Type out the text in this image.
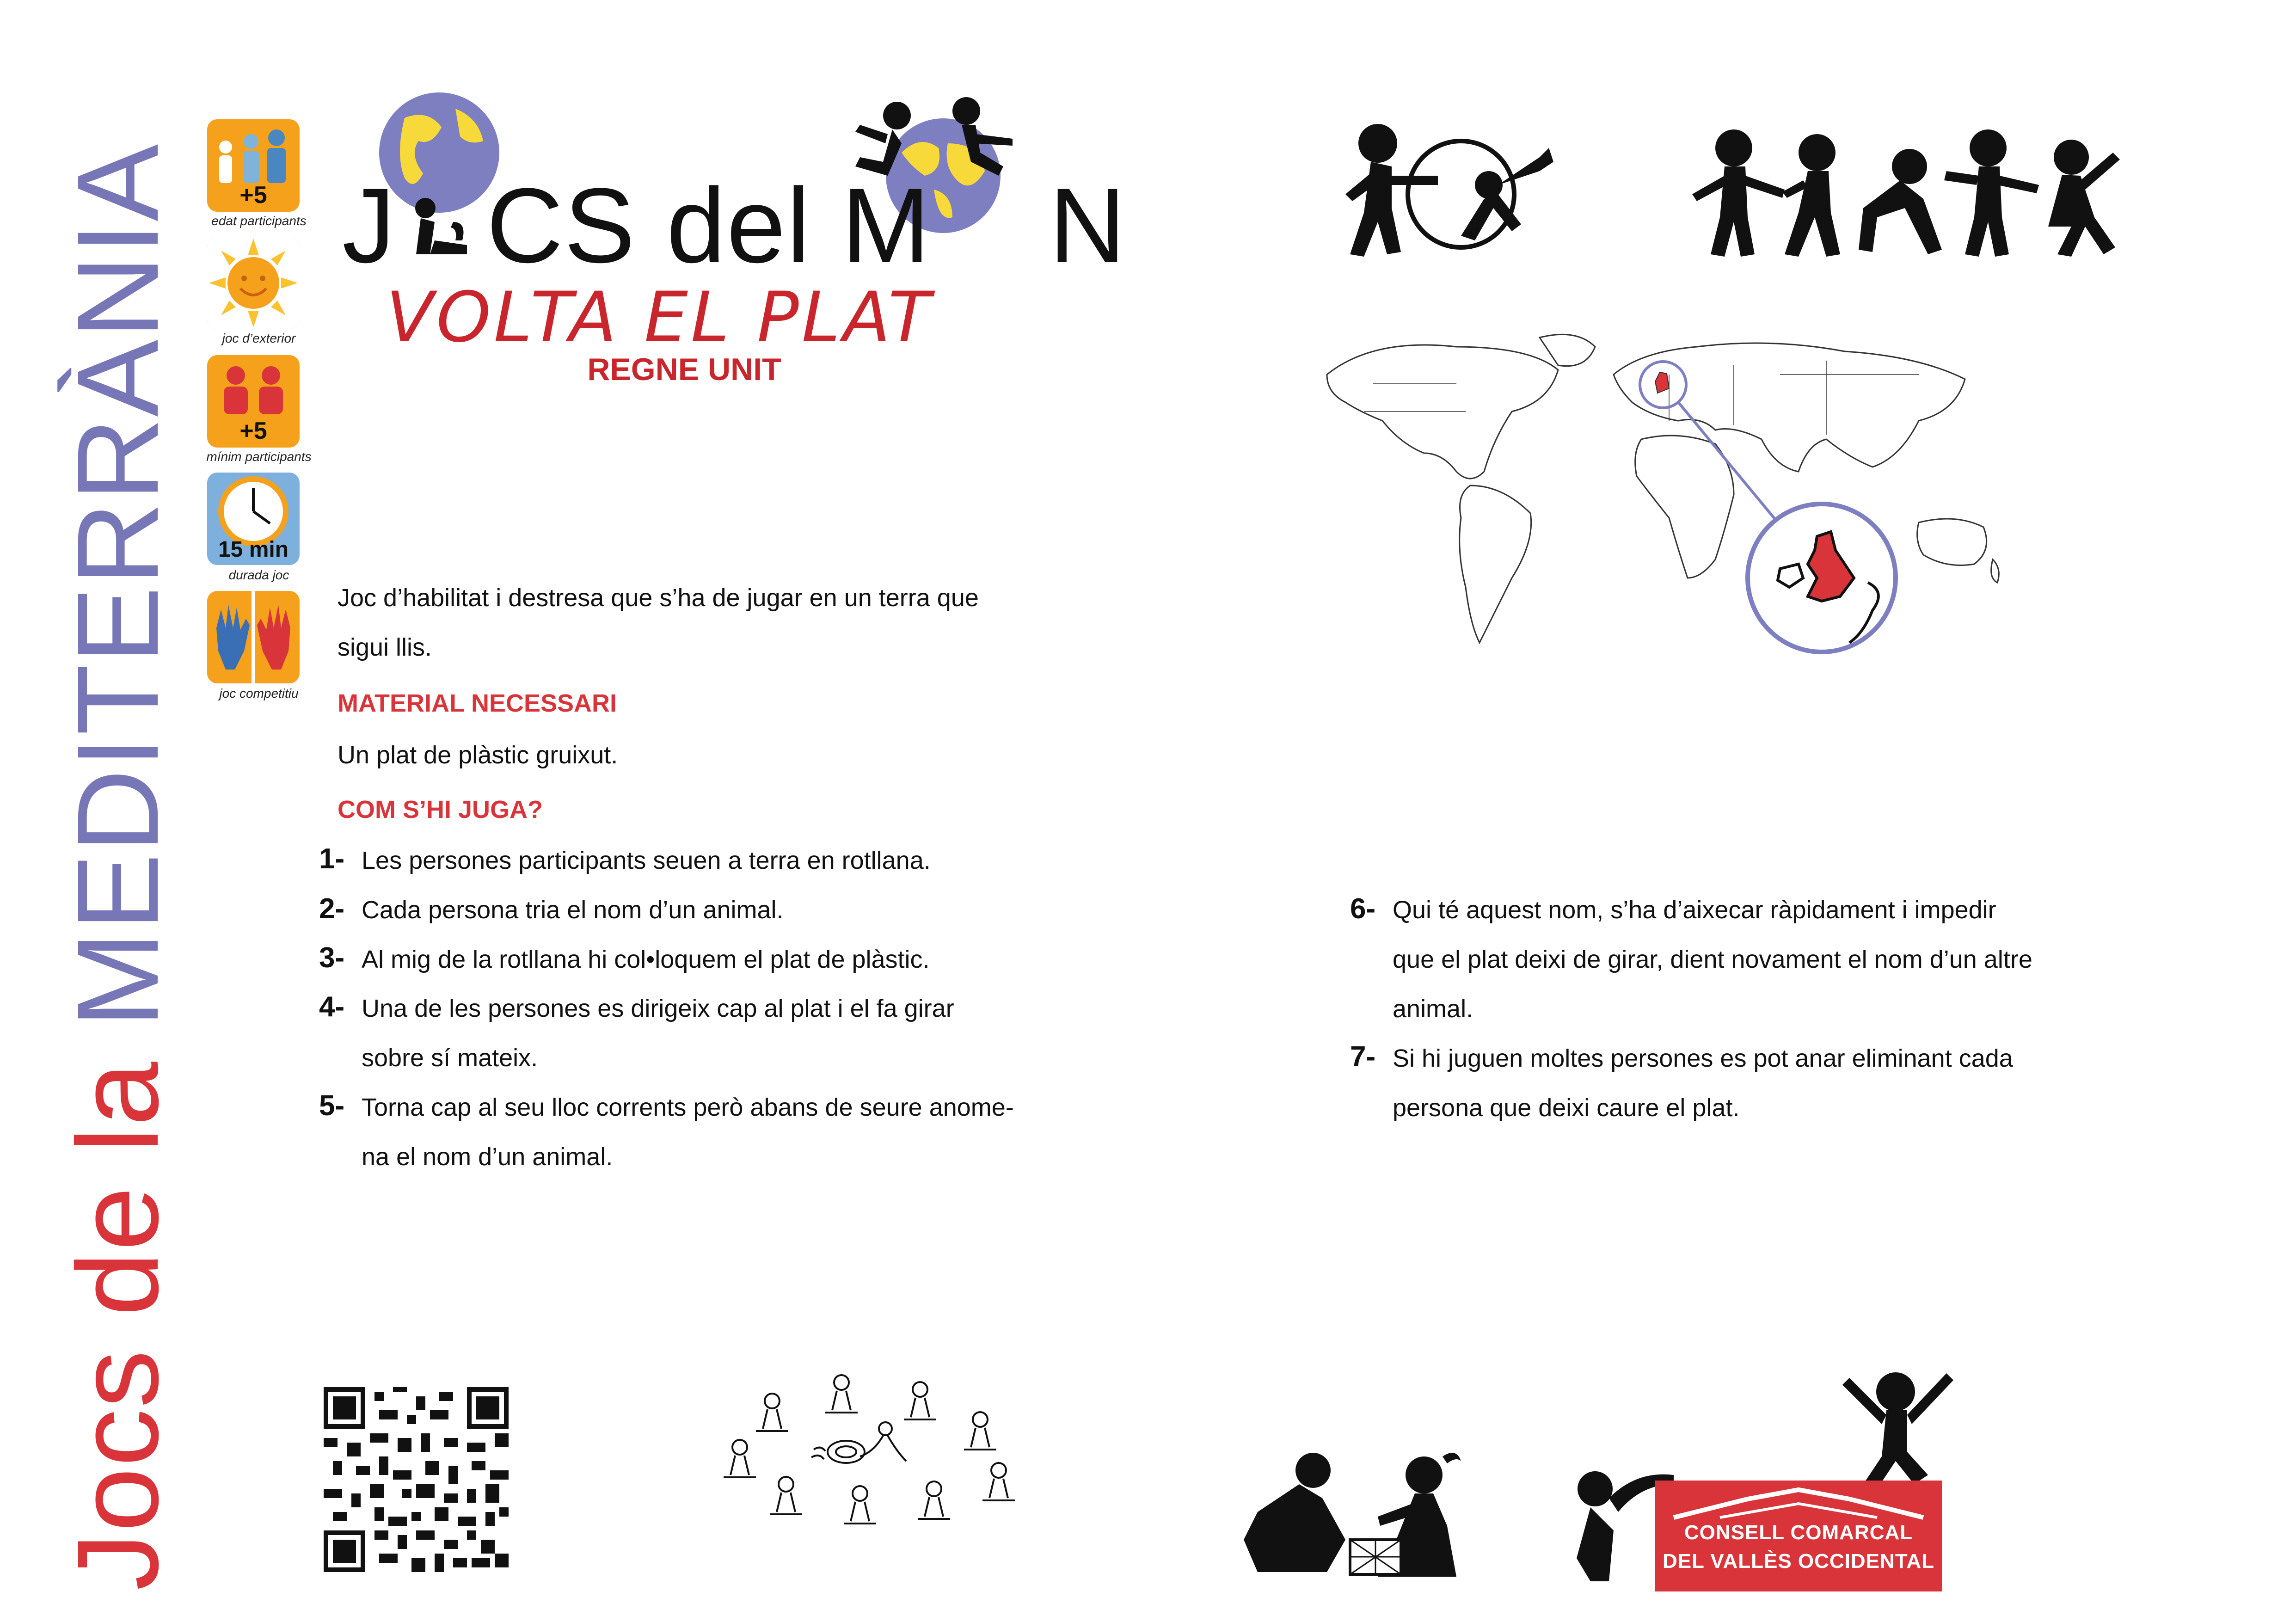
Jocs de la MEDITERRÀNIA	+5
edat participants
joc d’exterior
+5
mínim participants
15 min
durada joc
joc competitiu
J CS del M N
VOLTA EL PLAT
REGNE UNIT
Joc d’habilitat i destresa que s’ha de jugar en un terra que
sigui llis.
MATERIAL NECESSARI
Un plat de plàstic gruixut.
COM S’HI JUGA?
1- Les persones participants seuen a terra en rotllana.
2- Cada persona tria el nom d’un animal.
3- Al mig de la rotllana hi col•loquem el plat de plàstic.
4- Una de les persones es dirigeix cap al plat i el fa girar
sobre sí mateix.
5- Torna cap al seu lloc corrents però abans de seure anome-
na el nom d’un animal.
6- Qui té aquest nom, s’ha d’aixecar ràpidament i impedir
que el plat deixi de girar, dient novament el nom d’un altre
animal.
7- Si hi juguen moltes persones es pot anar eliminant cada
persona que deixi caure el plat.
CONSELL COMARCAL
DEL VALLÈS OCCIDENTAL
